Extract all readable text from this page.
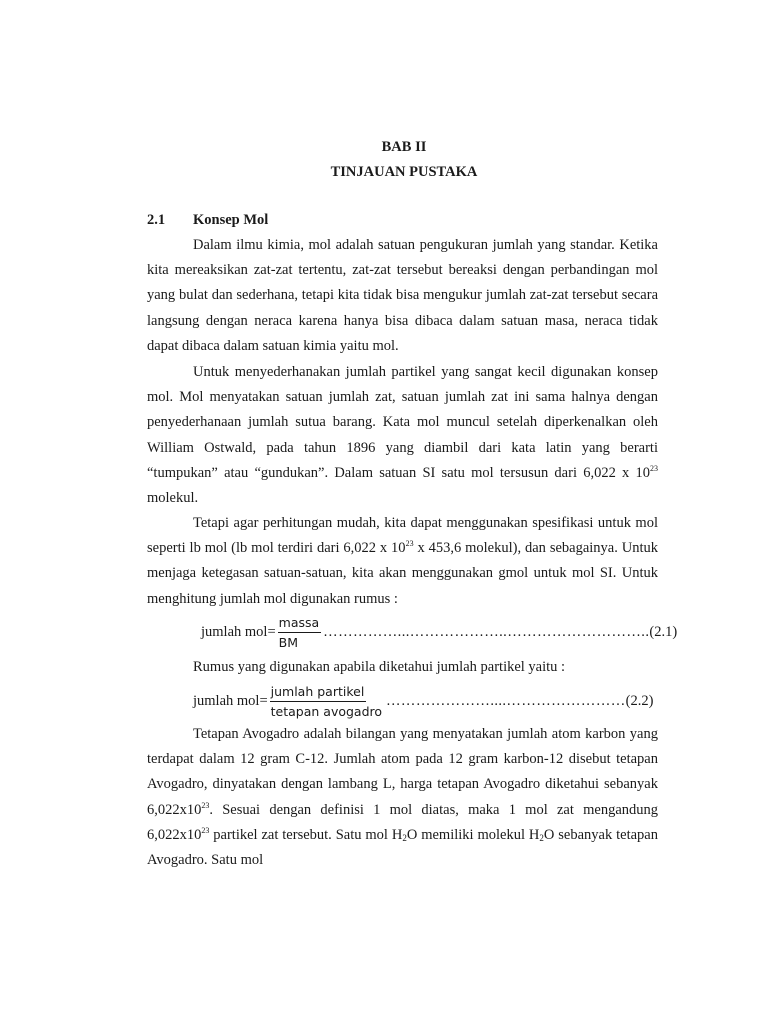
BAB II
TINJAUAN PUSTAKA
2.1 Konsep Mol

Dalam ilmu kimia, mol adalah satuan pengukuran jumlah yang standar. Ketika kita mereaksikan zat-zat tertentu, zat-zat tersebut bereaksi dengan perbandingan mol yang bulat dan sederhana, tetapi kita tidak bisa mengukur jumlah zat-zat tersebut secara langsung dengan neraca karena hanya bisa dibaca dalam satuan masa, neraca tidak dapat dibaca dalam satuan kimia yaitu mol.

Untuk menyederhanakan jumlah partikel yang sangat kecil digunakan konsep mol. Mol menyatakan satuan jumlah zat, satuan jumlah zat ini sama halnya dengan penyederhanaan jumlah sutua barang. Kata mol muncul setelah diperkenalkan oleh William Ostwald, pada tahun 1896 yang diambil dari kata latin yang berarti “tumpukan” atau “gundukan”. Dalam satuan SI satu mol tersusun dari 6,022 x $10^{23}$ molekul.

Tetapi agar perhitungan mudah, kita dapat menggunakan spesifikasi untuk mol seperti lb mol (lb mol terdiri dari 6,022 x $10^{23}$ x 453,6 molekul), dan sebagainya. Untuk menjaga ketegasan satuan-satuan, kita akan menggunakan gmol untuk mol SI. Untuk menghitung jumlah mol digunakan rumus :

jumlah $mol= \frac{\text{massa}}{BM}$ ……………...………………..……………………….. (2.1)

Rumus yang digunakan apabila diketahui jumlah partikel yaitu :

jumlah $mol= \frac{\text{jumlah partikel}}{\text{tetapan avogadro}}$ …………………....…………………… (2.2)

Tetapan Avogadro adalah bilangan yang menyatakan jumlah atom karbon yang terdapat dalam 12 gram C-12. Jumlah atom pada 12 gram karbon-12 disebut tetapan Avogadro, dinyatakan dengan lambang L, harga tetapan Avogadro diketahui sebanyak $6,022x10^{23}$. Sesuai dengan definisi 1 mol diatas, maka 1 mol zat mengandung $6,022x10^{23}$ partikel zat tersebut. Satu mol $H_2O$ memiliki molekul $H_2O$ sebanyak tetapan Avogadro. Satu mol
